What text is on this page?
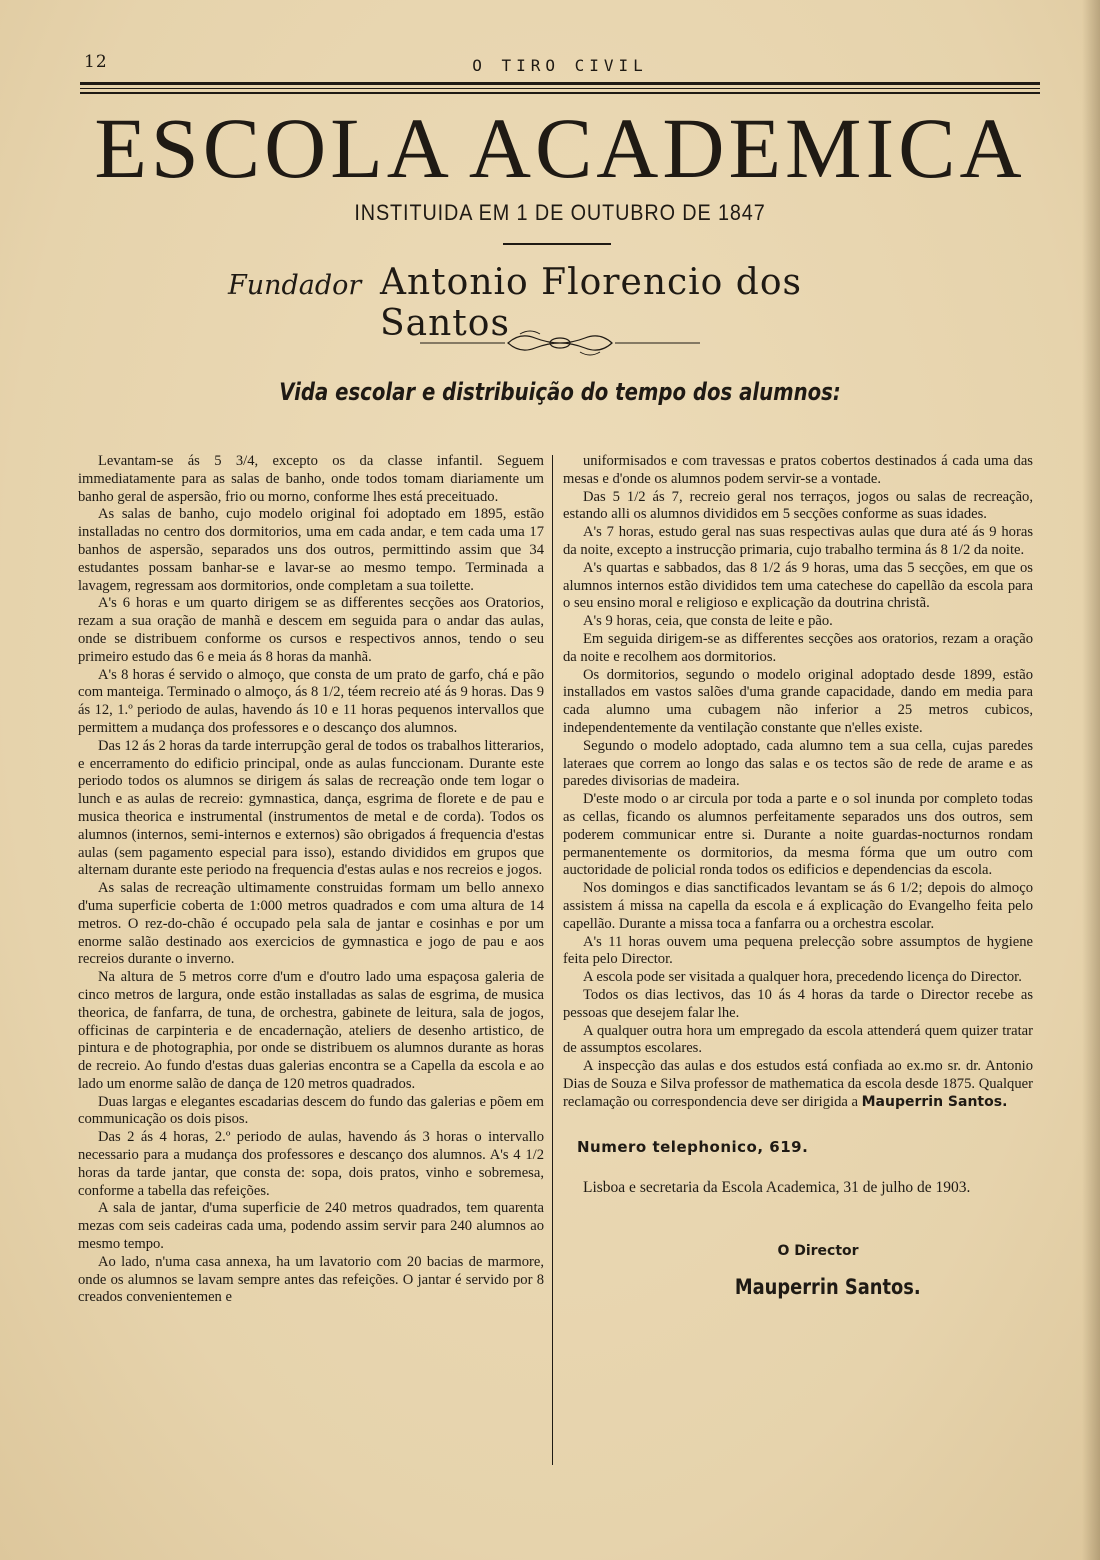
12	O TIRO CIVIL
ESCOLA ACADEMICA
INSTITUIDA EM 1 DE OUTUBRO DE 1847
Fundador Antonio Florencio dos Santos
Vida escolar e distribuição do tempo dos alumnos:

Levantam-se ás 5 3/4, excepto os da classe infantil. Seguem immediatamente para as salas de banho, onde todos tomam diariamente um banho geral de aspersão, frio ou morno, conforme lhes está preceituado.

As salas de banho, cujo modelo original foi adoptado em 1895, estão installadas no centro dos dormitorios, uma em cada andar, e tem cada uma 17 banhos de aspersão, separados uns dos outros, permittindo assim que 34 estudantes possam banhar-se e lavar-se ao mesmo tempo. Terminada a lavagem, regressam aos dormitorios, onde completam a sua toilette.

A's 6 horas e um quarto dirigem se as differentes secções aos Oratorios, rezam a sua oração de manhã e descem em seguida para o andar das aulas, onde se distribuem conforme os cursos e respectivos annos, tendo o seu primeiro estudo das 6 e meia ás 8 horas da manhã.

A's 8 horas é servido o almoço, que consta de um prato de garfo, chá e pão com manteiga. Terminado o almoço, ás 8 1/2, téem recreio até ás 9 horas. Das 9 ás 12, 1.º periodo de aulas, havendo ás 10 e 11 horas pequenos intervallos que permittem a mudança dos professores e o descanço dos alumnos.

Das 12 ás 2 horas da tarde interrupção geral de todos os trabalhos litterarios, e encerramento do edificio principal, onde as aulas funccionam. Durante este periodo todos os alumnos se dirigem ás salas de recreação onde tem logar o lunch e as aulas de recreio: gymnastica, dança, esgrima de florete e de pau e musica theorica e instrumental (instrumentos de metal e de corda). Todos os alumnos (internos, semi-internos e externos) são obrigados á frequencia d'estas aulas (sem pagamento especial para isso), estando divididos em grupos que alternam durante este periodo na frequencia d'estas aulas e nos recreios e jogos.

As salas de recreação ultimamente construidas formam um bello annexo d'uma superficie coberta de 1:000 metros quadrados e com uma altura de 14 metros. O rez-do-chão é occupado pela sala de jantar e cosinhas e por um enorme salão destinado aos exercicios de gymnastica e jogo de pau e aos recreios durante o inverno.

Na altura de 5 metros corre d'um e d'outro lado uma espaçosa galeria de cinco metros de largura, onde estão installadas as salas de esgrima, de musica theorica, de fanfarra, de tuna, de orchestra, gabinete de leitura, sala de jogos, officinas de carpinteria e de encadernação, ateliers de desenho artistico, de pintura e de photographia, por onde se distribuem os alumnos durante as horas de recreio. Ao fundo d'estas duas galerias encontra se a Capella da escola e ao lado um enorme salão de dança de 120 metros quadrados.

Duas largas e elegantes escadarias descem do fundo das galerias e põem em communicação os dois pisos.

Das 2 ás 4 horas, 2.º periodo de aulas, havendo ás 3 horas o intervallo necessario para a mudança dos professores e descanço dos alumnos. A's 4 1/2 horas da tarde jantar, que consta de: sopa, dois pratos, vinho e sobremesa, conforme a tabella das refeições.

A sala de jantar, d'uma superficie de 240 metros quadrados, tem quarenta mezas com seis cadeiras cada uma, podendo assim servir para 240 alumnos ao mesmo tempo.

Ao lado, n'uma casa annexa, ha um lavatorio com 20 bacias de marmore, onde os alumnos se lavam sempre antes das refeições. O jantar é servido por 8 creados convenientemen e

uniformisados e com travessas e pratos cobertos destinados á cada uma das mesas e d'onde os alumnos podem servir-se a vontade.

Das 5 1/2 ás 7, recreio geral nos terraços, jogos ou salas de recreação, estando alli os alumnos divididos em 5 secções conforme as suas idades.

A's 7 horas, estudo geral nas suas respectivas aulas que dura até ás 9 horas da noite, excepto a instrucção primaria, cujo trabalho termina ás 8 1/2 da noite.

A's quartas e sabbados, das 8 1/2 ás 9 horas, uma das 5 secções, em que os alumnos internos estão divididos tem uma catechese do capellão da escola para o seu ensino moral e religioso e explicação da doutrina christã.

A's 9 horas, ceia, que consta de leite e pão.

Em seguida dirigem-se as differentes secções aos oratorios, rezam a oração da noite e recolhem aos dormitorios.

Os dormitorios, segundo o modelo original adoptado desde 1899, estão installados em vastos salões d'uma grande capacidade, dando em media para cada alumno uma cubagem não inferior a 25 metros cubicos, independentemente da ventilação constante que n'elles existe.

Segundo o modelo adoptado, cada alumno tem a sua cella, cujas paredes lateraes que correm ao longo das salas e os tectos são de rede de arame e as paredes divisorias de madeira.

D'este modo o ar circula por toda a parte e o sol inunda por completo todas as cellas, ficando os alumnos perfeitamente separados uns dos outros, sem poderem communicar entre si. Durante a noite guardas-nocturnos rondam permanentemente os dormitorios, da mesma fórma que um outro com auctoridade de policial ronda todos os edificios e dependencias da escola.

Nos domingos e dias sanctificados levantam se ás 6 1/2; depois do almoço assistem á missa na capella da escola e á explicação do Evangelho feita pelo capellão. Durante a missa toca a fanfarra ou a orchestra escolar.

A's 11 horas ouvem uma pequena prelecção sobre assumptos de hygiene feita pelo Director.

A escola pode ser visitada a qualquer hora, precedendo licença do Director.

Todos os dias lectivos, das 10 ás 4 horas da tarde o Director recebe as pessoas que desejem falar lhe.

A qualquer outra hora um empregado da escola attenderá quem quizer tratar de assumptos escolares.

A inspecção das aulas e dos estudos está confiada ao ex.mo sr. dr. Antonio Dias de Souza e Silva professor de mathematica da escola desde 1875. Qualquer reclamação ou correspondencia deve ser dirigida a Mauperrin Santos.

Numero telephonico, 619.

Lisboa e secretaria da Escola Academica, 31 de julho de 1903.

O Director

Mauperrin Santos.
